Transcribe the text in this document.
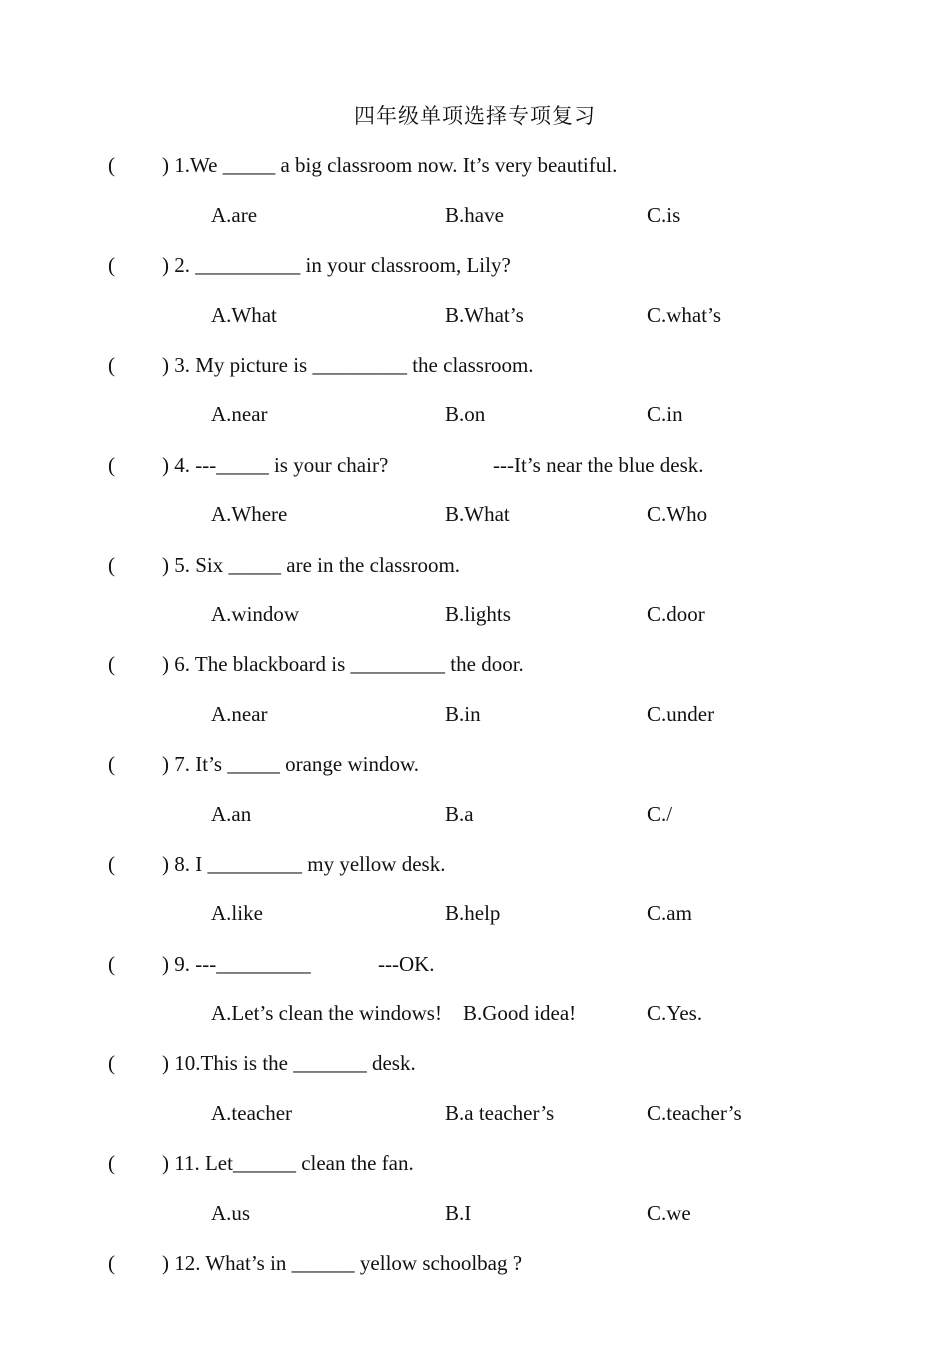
四年级单项选择专项复习
( ) 1.We _____ a big classroom now. It’s very beautiful.
A.are	B.have	C.is
( ) 2. __________ in your classroom, Lily?
A.What	B.What’s	C.what’s
( ) 3. My picture is _________ the classroom.
A.near	B.on	C.in
( ) 4. ---_____ is your chair?	---It’s near the blue desk.
A.Where	B.What	C.Who
( ) 5. Six _____ are in the classroom.
A.window	B.lights	C.door
( ) 6. The blackboard is _________ the door.
A.near	B.in	C.under
( ) 7. It’s _____ orange window.
A.an	B.a	C./
( ) 8. I _________ my yellow desk.
A.like	B.help	C.am
( ) 9. ---_________	---OK.
A.Let’s clean the windows! B.Good idea!	C.Yes.
( ) 10.This is the _______ desk.
A.teacher	B.a teacher’s	C.teacher’s
( ) 11. Let______ clean the fan.
A.us	B.I	C.we
( ) 12. What’s in ______ yellow schoolbag ?
